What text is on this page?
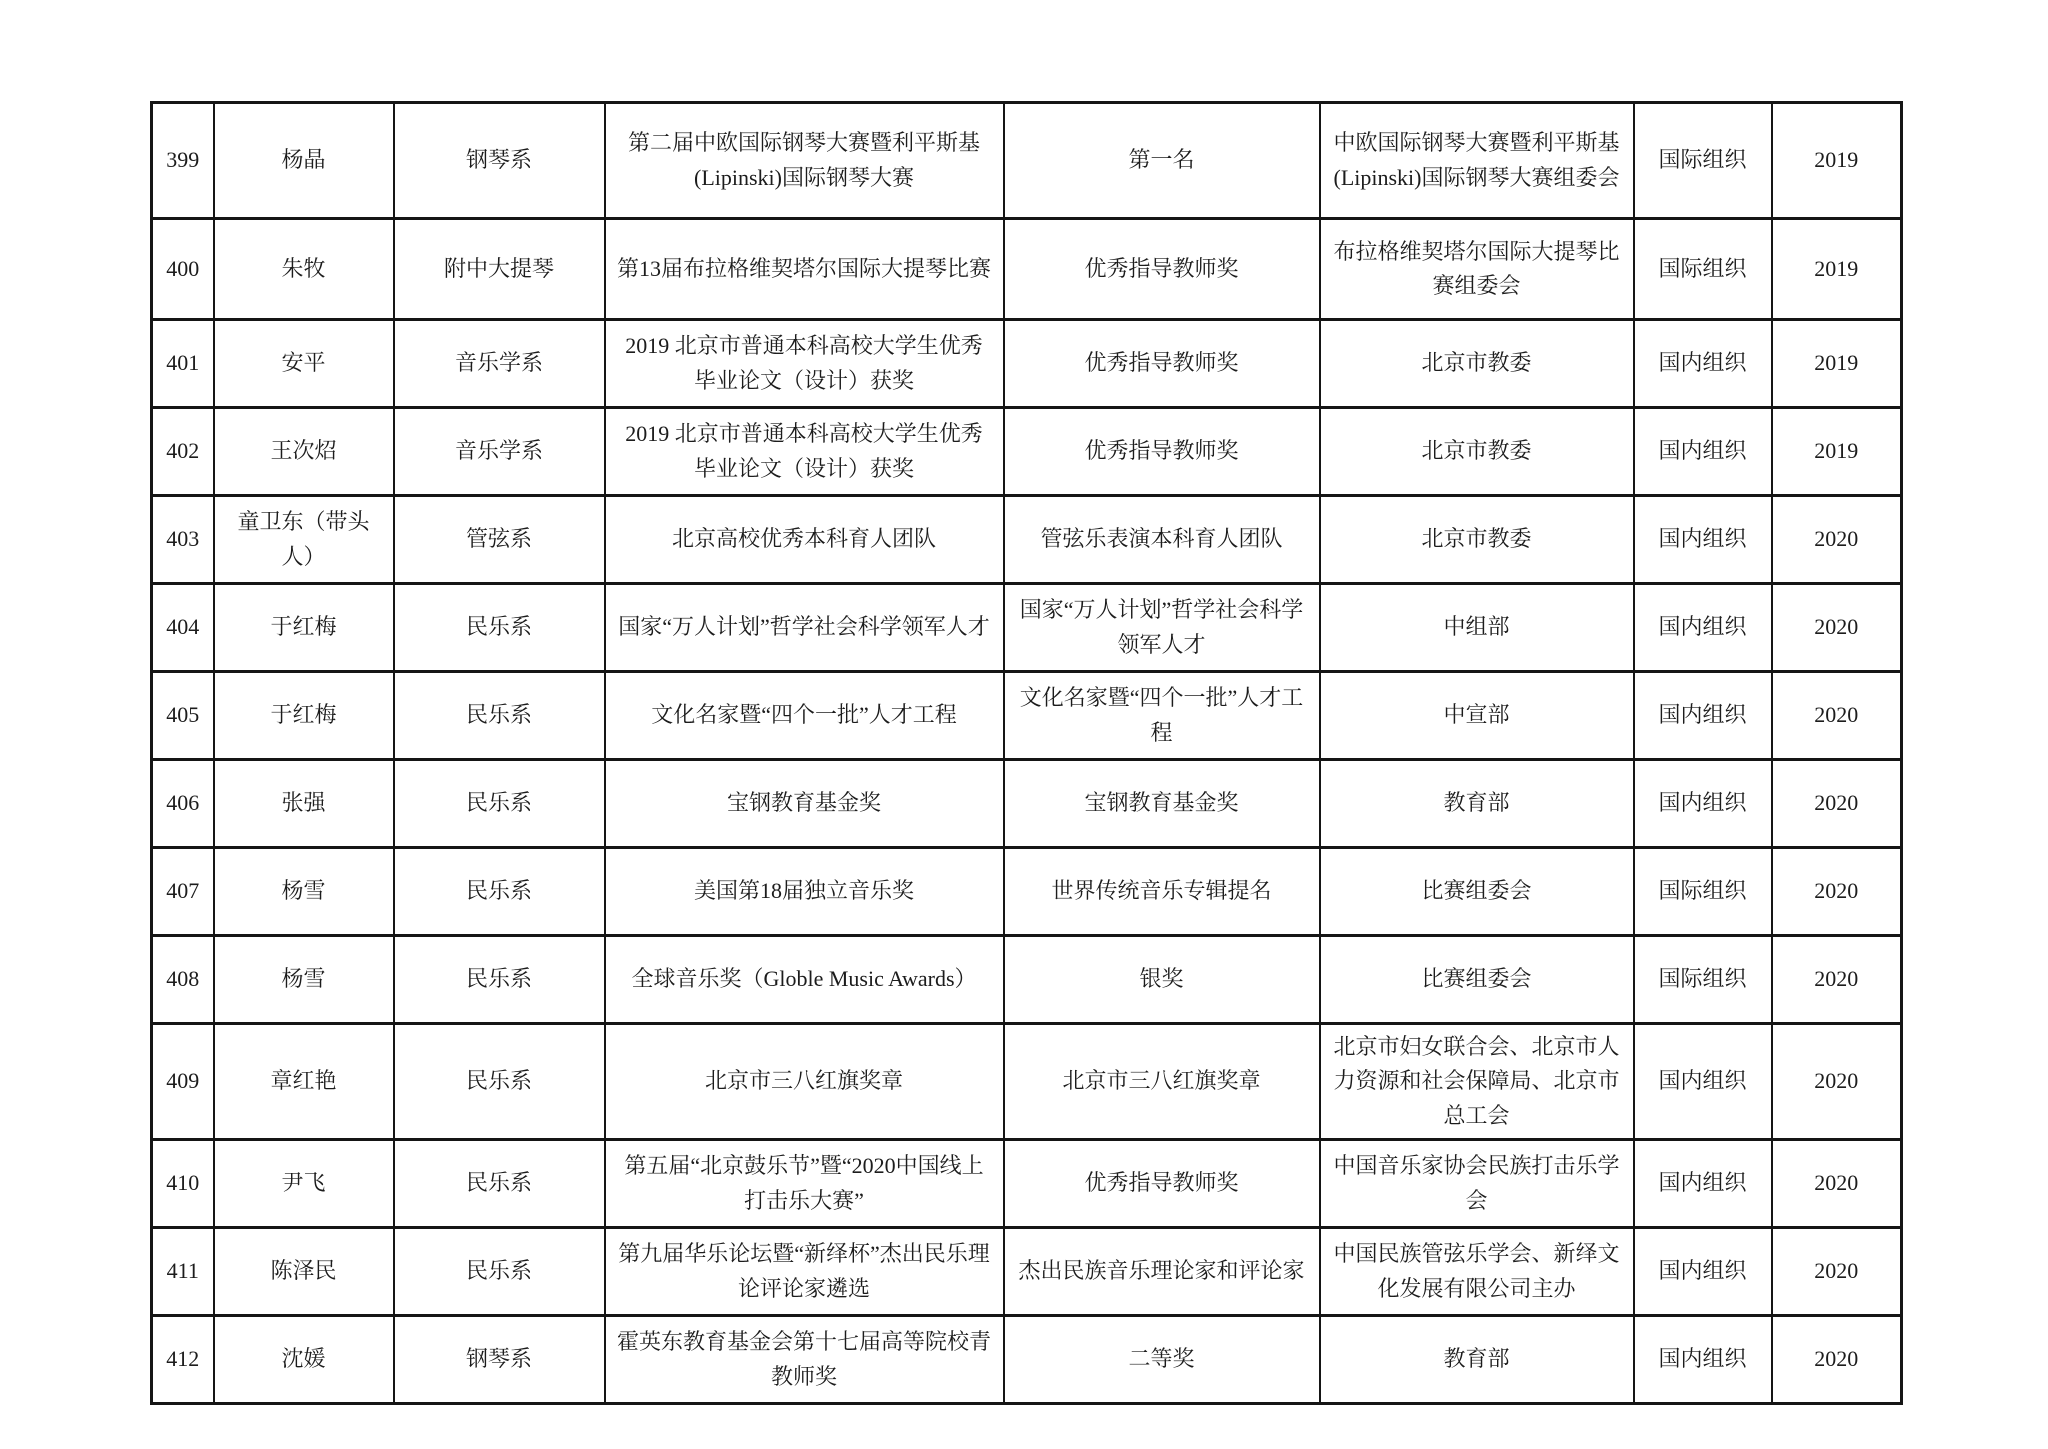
399	杨晶	钢琴系	第二届中欧国际钢琴大赛暨利平斯基(Lipinski)国际钢琴大赛	第一名	中欧国际钢琴大赛暨利平斯基(Lipinski)国际钢琴大赛组委会	国际组织	2019
400	朱牧	附中大提琴	第13届布拉格维契塔尔国际大提琴比赛	优秀指导教师奖	布拉格维契塔尔国际大提琴比赛组委会	国际组织	2019
401	安平	音乐学系	2019 北京市普通本科高校大学生优秀毕业论文（设计）获奖	优秀指导教师奖	北京市教委	国内组织	2019
402	王次炤	音乐学系	2019 北京市普通本科高校大学生优秀毕业论文（设计）获奖	优秀指导教师奖	北京市教委	国内组织	2019
403	童卫东（带头人）	管弦系	北京高校优秀本科育人团队	管弦乐表演本科育人团队	北京市教委	国内组织	2020
404	于红梅	民乐系	国家“万人计划”哲学社会科学领军人才	国家“万人计划”哲学社会科学领军人才	中组部	国内组织	2020
405	于红梅	民乐系	文化名家暨“四个一批”人才工程	文化名家暨“四个一批”人才工程	中宣部	国内组织	2020
406	张强	民乐系	宝钢教育基金奖	宝钢教育基金奖	教育部	国内组织	2020
407	杨雪	民乐系	美国第18届独立音乐奖	世界传统音乐专辑提名	比赛组委会	国际组织	2020
408	杨雪	民乐系	全球音乐奖（Globle Music Awards）	银奖	比赛组委会	国际组织	2020
409	章红艳	民乐系	北京市三八红旗奖章	北京市三八红旗奖章	北京市妇女联合会、北京市人力资源和社会保障局、北京市总工会	国内组织	2020
410	尹飞	民乐系	第五届“北京鼓乐节”暨“2020中国线上打击乐大赛”	优秀指导教师奖	中国音乐家协会民族打击乐学会	国内组织	2020
411	陈泽民	民乐系	第九届华乐论坛暨“新绎杯”杰出民乐理论评论家遴选	杰出民族音乐理论家和评论家	中国民族管弦乐学会、新绎文化发展有限公司主办	国内组织	2020
412	沈媛	钢琴系	霍英东教育基金会第十七届高等院校青 教师奖	二等奖	教育部	国内组织	2020
